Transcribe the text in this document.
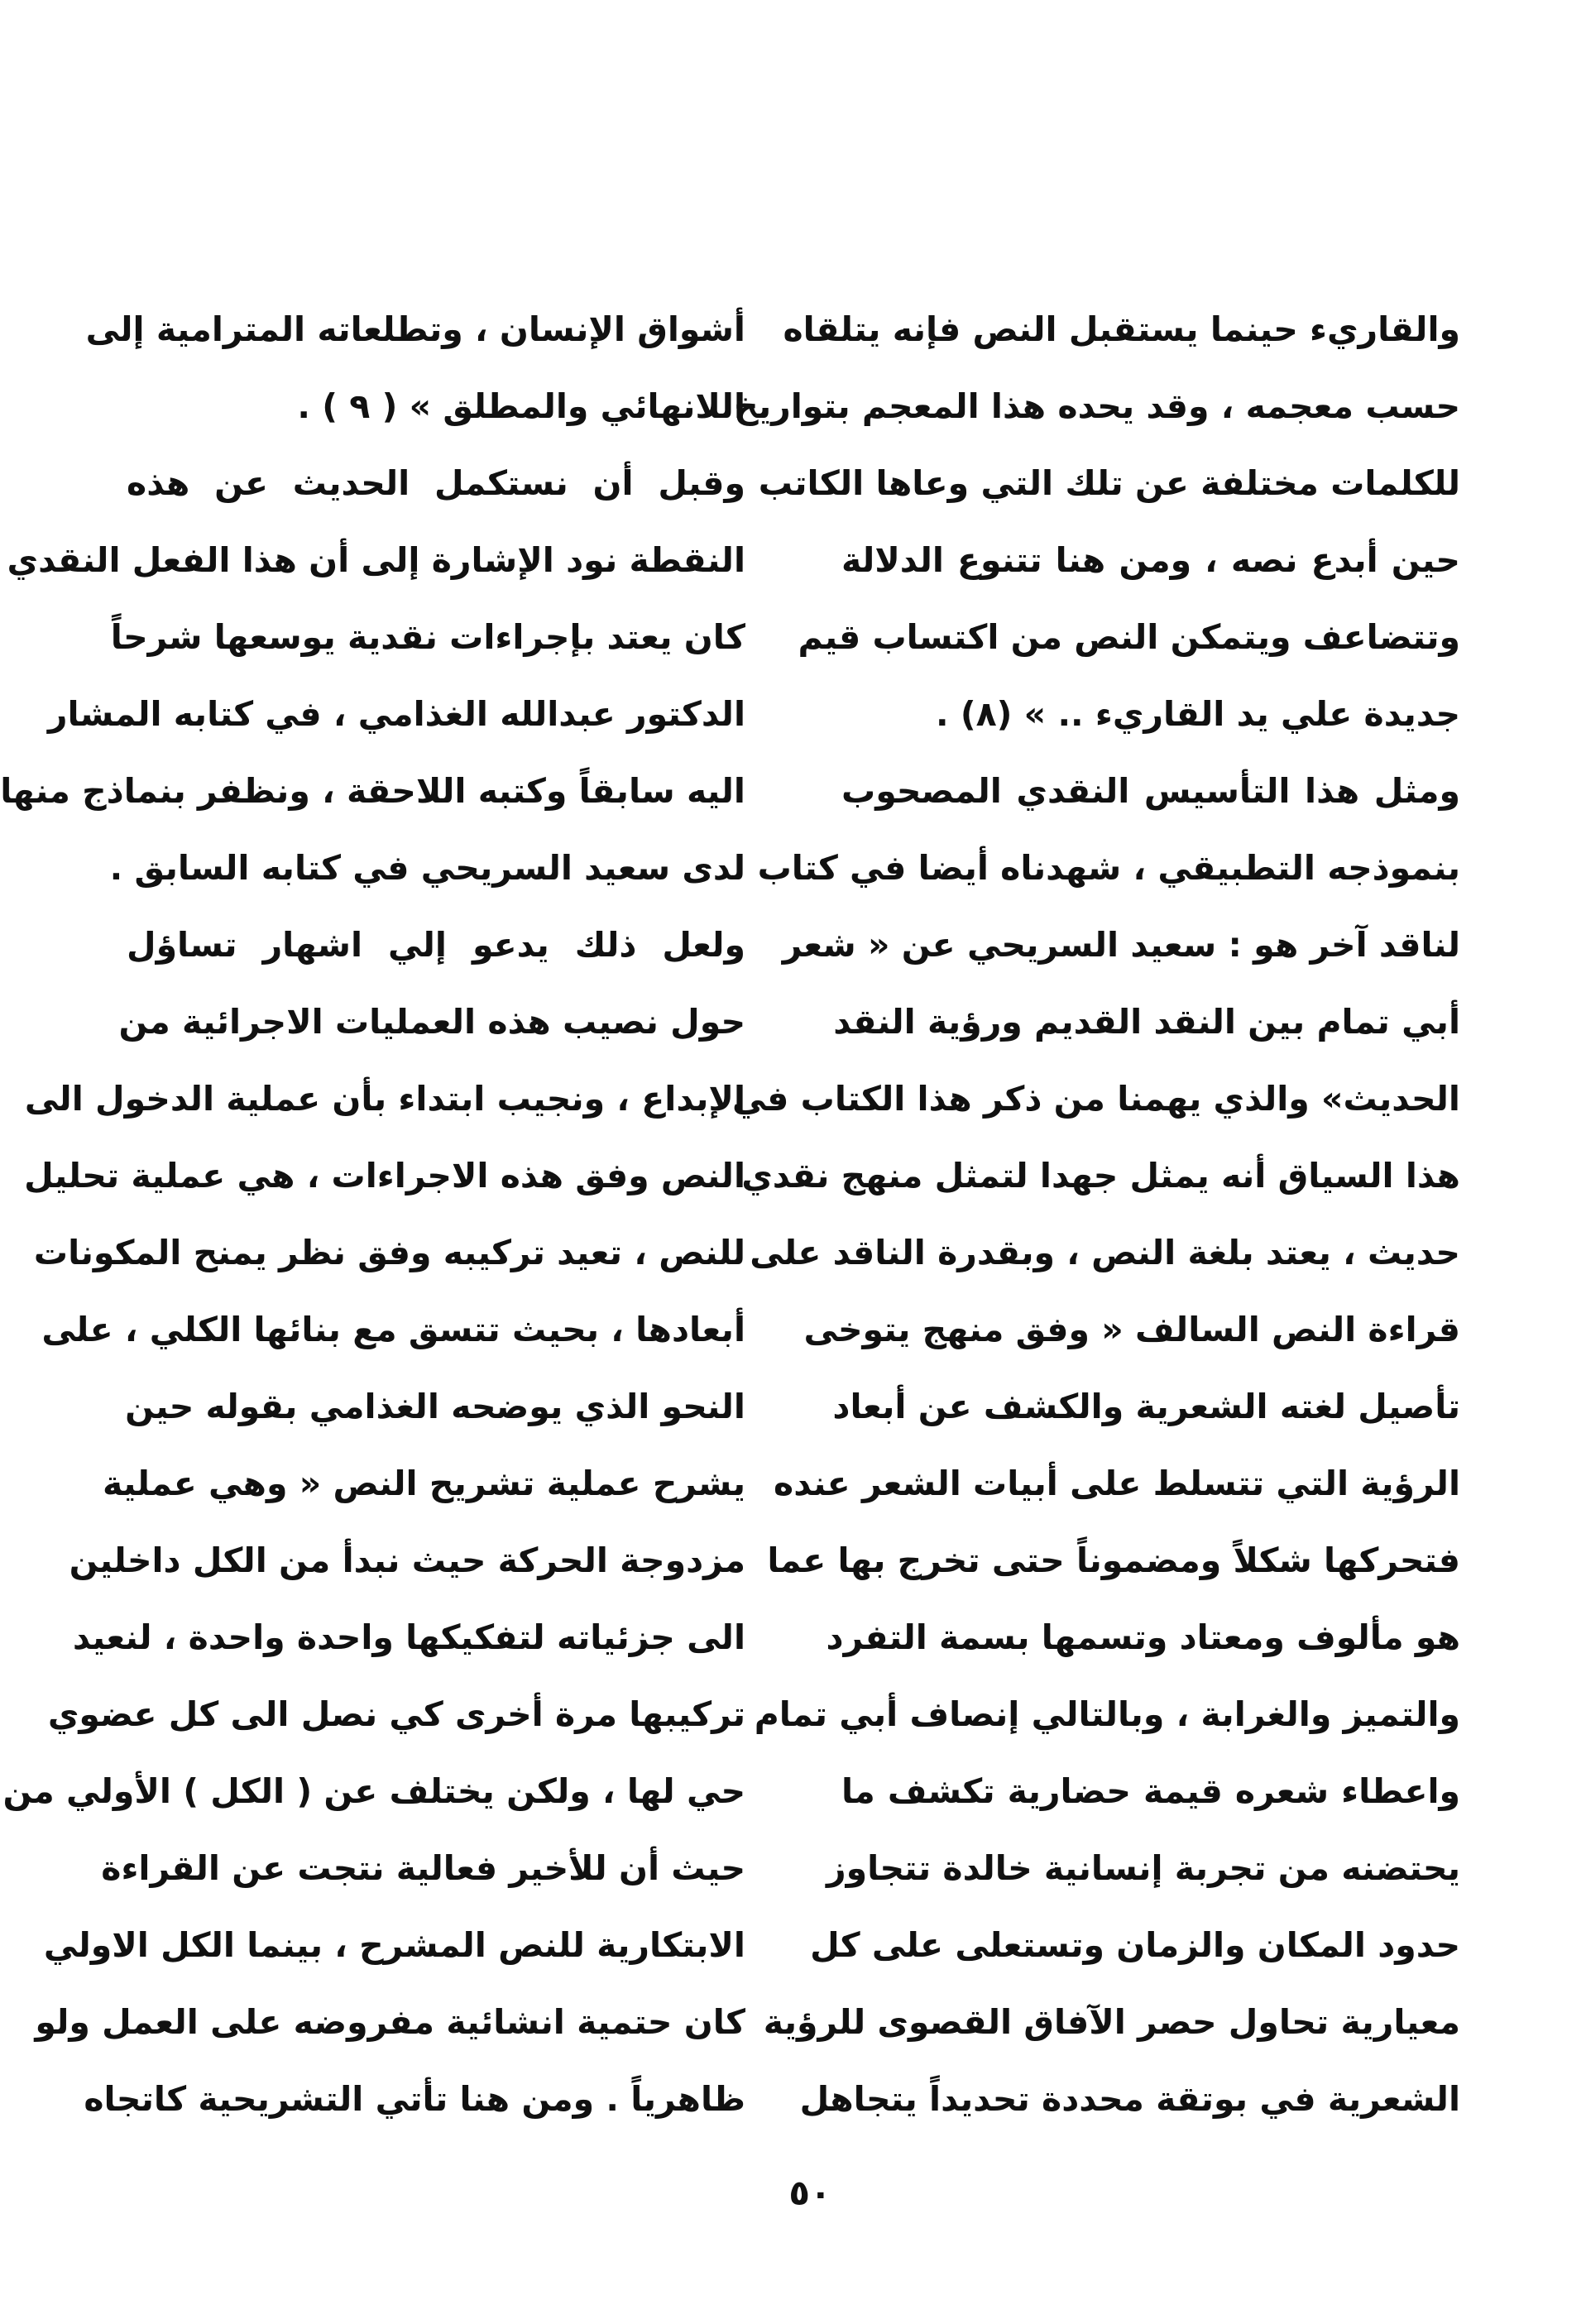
والقاريء حينما يستقبل النص فإنه يتلقاه
حسب معجمه ، وقد يحده هذا المعجم بتواريخ
للكلمات مختلفة عن تلك التي وعاها الكاتب
حين أبدع نصه ، ومن هنا تتنوع الدلالة
وتتضاعف ويتمكن النص من اكتساب قيم
جديدة علي يد القاريء .. » (٨) .
ومثل هذا التأسيس النقدي المصحوب
بنموذجه التطبيقي ، شهدناه أيضا في كتاب
لناقد آخر هو : سعيد السريحي عن « شعر
أبي تمام بين النقد القديم ورؤية النقد
الحديث» والذي يهمنا من ذكر هذا الكتاب في
هذا السياق أنه يمثل جهدا لتمثل منهج نقدي
حديث ، يعتد بلغة النص ، وبقدرة الناقد على
قراءة النص السالف « وفق منهج يتوخى
تأصيل لغته الشعرية والكشف عن أبعاد
الرؤية التي تتسلط على أبيات الشعر عنده
فتحركها شكلاً ومضموناً حتى تخرج بها عما
هو مألوف ومعتاد وتسمها بسمة التفرد
والتميز والغرابة ، وبالتالي إنصاف أبي تمام
واعطاء شعره قيمة حضارية تكشف ما
يحتضنه من تجربة إنسانية خالدة تتجاوز
حدود المكان والزمان وتستعلى على كل
معيارية تحاول حصر الآفاق القصوى للرؤية
الشعرية في بوتقة محددة تحديداً يتجاهل
أشواق الإنسان ، وتطلعاته المترامية إلى
اللانهائي والمطلق » ( ٩ ) .
وقبل أن نستكمل الحديث عن هذه
النقطة نود الإشارة إلى أن هذا الفعل النقدي
كان يعتد بإجراءات نقدية يوسعها شرحاً
الدكتور عبدالله الغذامي ، في كتابه المشار
اليه سابقاً وكتبه اللاحقة ، ونظفر بنماذج منها
لدى سعيد السريحي في كتابه السابق .
ولعل ذلك يدعو إلي اشهار تساؤل
حول نصيب هذه العمليات الاجرائية من
الإبداع ، ونجيب ابتداء بأن عملية الدخول الى
النص وفق هذه الاجراءات ، هي عملية تحليل
للنص ، تعيد تركيبه وفق نظر يمنح المكونات
أبعادها ، بحيث تتسق مع بنائها الكلي ، على
النحو الذي يوضحه الغذامي بقوله حين
يشرح عملية تشريح النص « وهي عملية
مزدوجة الحركة حيث نبدأ من الكل داخلين
الى جزئياته لتفكيكها واحدة واحدة ، لنعيد
تركيبها مرة أخرى كي نصل الى كل عضوي
حي لها ، ولكن يختلف عن ( الكل ) الأولي من
حيث أن للأخير فعالية نتجت عن القراءة
الابتكارية للنص المشرح ، بينما الكل الاولي
كان حتمية انشائية مفروضه على العمل ولو
ظاهرياً . ومن هنا تأتي التشريحية كاتجاه
٥٠
